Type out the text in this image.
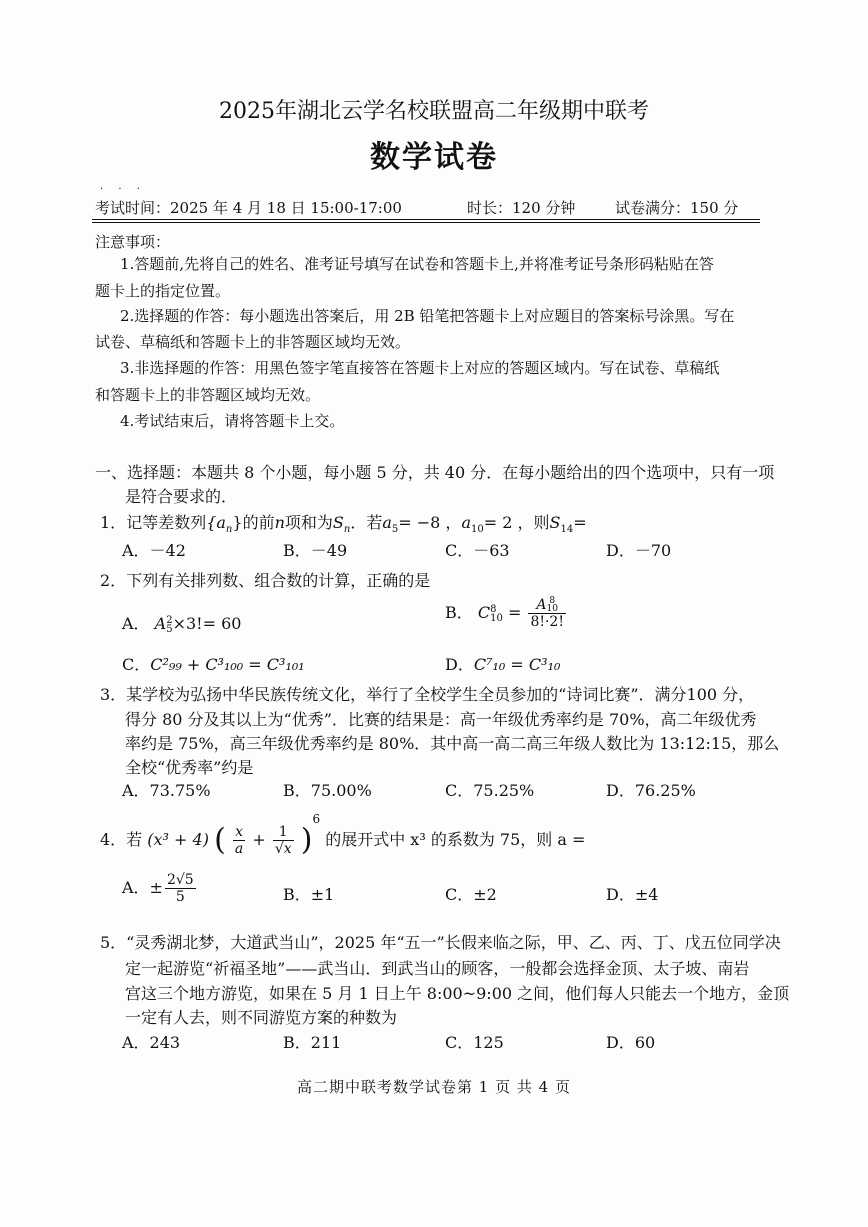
2025年湖北云学名校联盟高二年级期中联考
数学试卷
· · ·
考试时间：2025 年 4 月 18 日 15:00-17:00	时长：120 分钟	试卷满分：150 分
注意事项：
1.答题前,先将自己的姓名、准考证号填写在试卷和答题卡上,并将准考证号条形码粘贴在答
题卡上的指定位置。
2.选择题的作答：每小题选出答案后，用 2B 铅笔把答题卡上对应题目的答案标号涂黑。写在
试卷、草稿纸和答题卡上的非答题区域均无效。
3.非选择题的作答：用黑色签字笔直接答在答题卡上对应的答题区域内。写在试卷、草稿纸
和答题卡上的非答题区域均无效。
4.考试结束后，请将答题卡上交。
一、选择题：本题共 8 个小题，每小题 5 分，共 40 分．在每小题给出的四个选项中，只有一项
是符合要求的．
1．记等差数列$\{a_n\}$的前n项和为$S_n$．若$a_5= -8$ ，$a_{10}= 2$ ，则$S_{14}=$
A．－42	B．－49	C．－63	D．－70
2．下列有关排列数、组合数的计算，正确的是
A． A 2
5 ×3!= 60
B． C 8
10 = A 8
10
8!·2!
C．C²₉₉ + C³₁₀₀ = C³₁₀₁	D．C⁷₁₀ = C³₁₀
3．某学校为弘扬中华民族传统文化，举行了全校学生全员参加的“诗词比赛”．满分100 分，
得分 80 分及其以上为“优秀”．比赛的结果是：高一年级优秀率约是 70%，高二年级优秀
率约是 75%，高三年级优秀率约是 80%．其中高一高二高三年级人数比为 13:12:15，那么
全校“优秀率”约是
A．73.75%	B．75.00%	C．75.25%	D．76.25%
4．若 (x³ + 4) ( $\frac{x}{a} + \frac{1}{√x} )^6$ 的展开式中 x³ 的系数为 75，则 a =
A．± $\frac{2√5}{5}$	B．±1	C．±2	D．±4
5．“灵秀湖北梦，大道武当山”，2025 年“五一”长假来临之际，甲、乙、丙、丁、戊五位同学决
定一起游览“祈福圣地”——武当山．到武当山的顾客，一般都会选择金顶、太子坡、南岩
宫这三个地方游览，如果在 5 月 1 日上午 8:00~9:00 之间，他们每人只能去一个地方，金顶
一定有人去，则不同游览方案的种数为
A．243	B．211	C．125	D．60
高二期中联考数学试卷第 1 页 共 4 页
